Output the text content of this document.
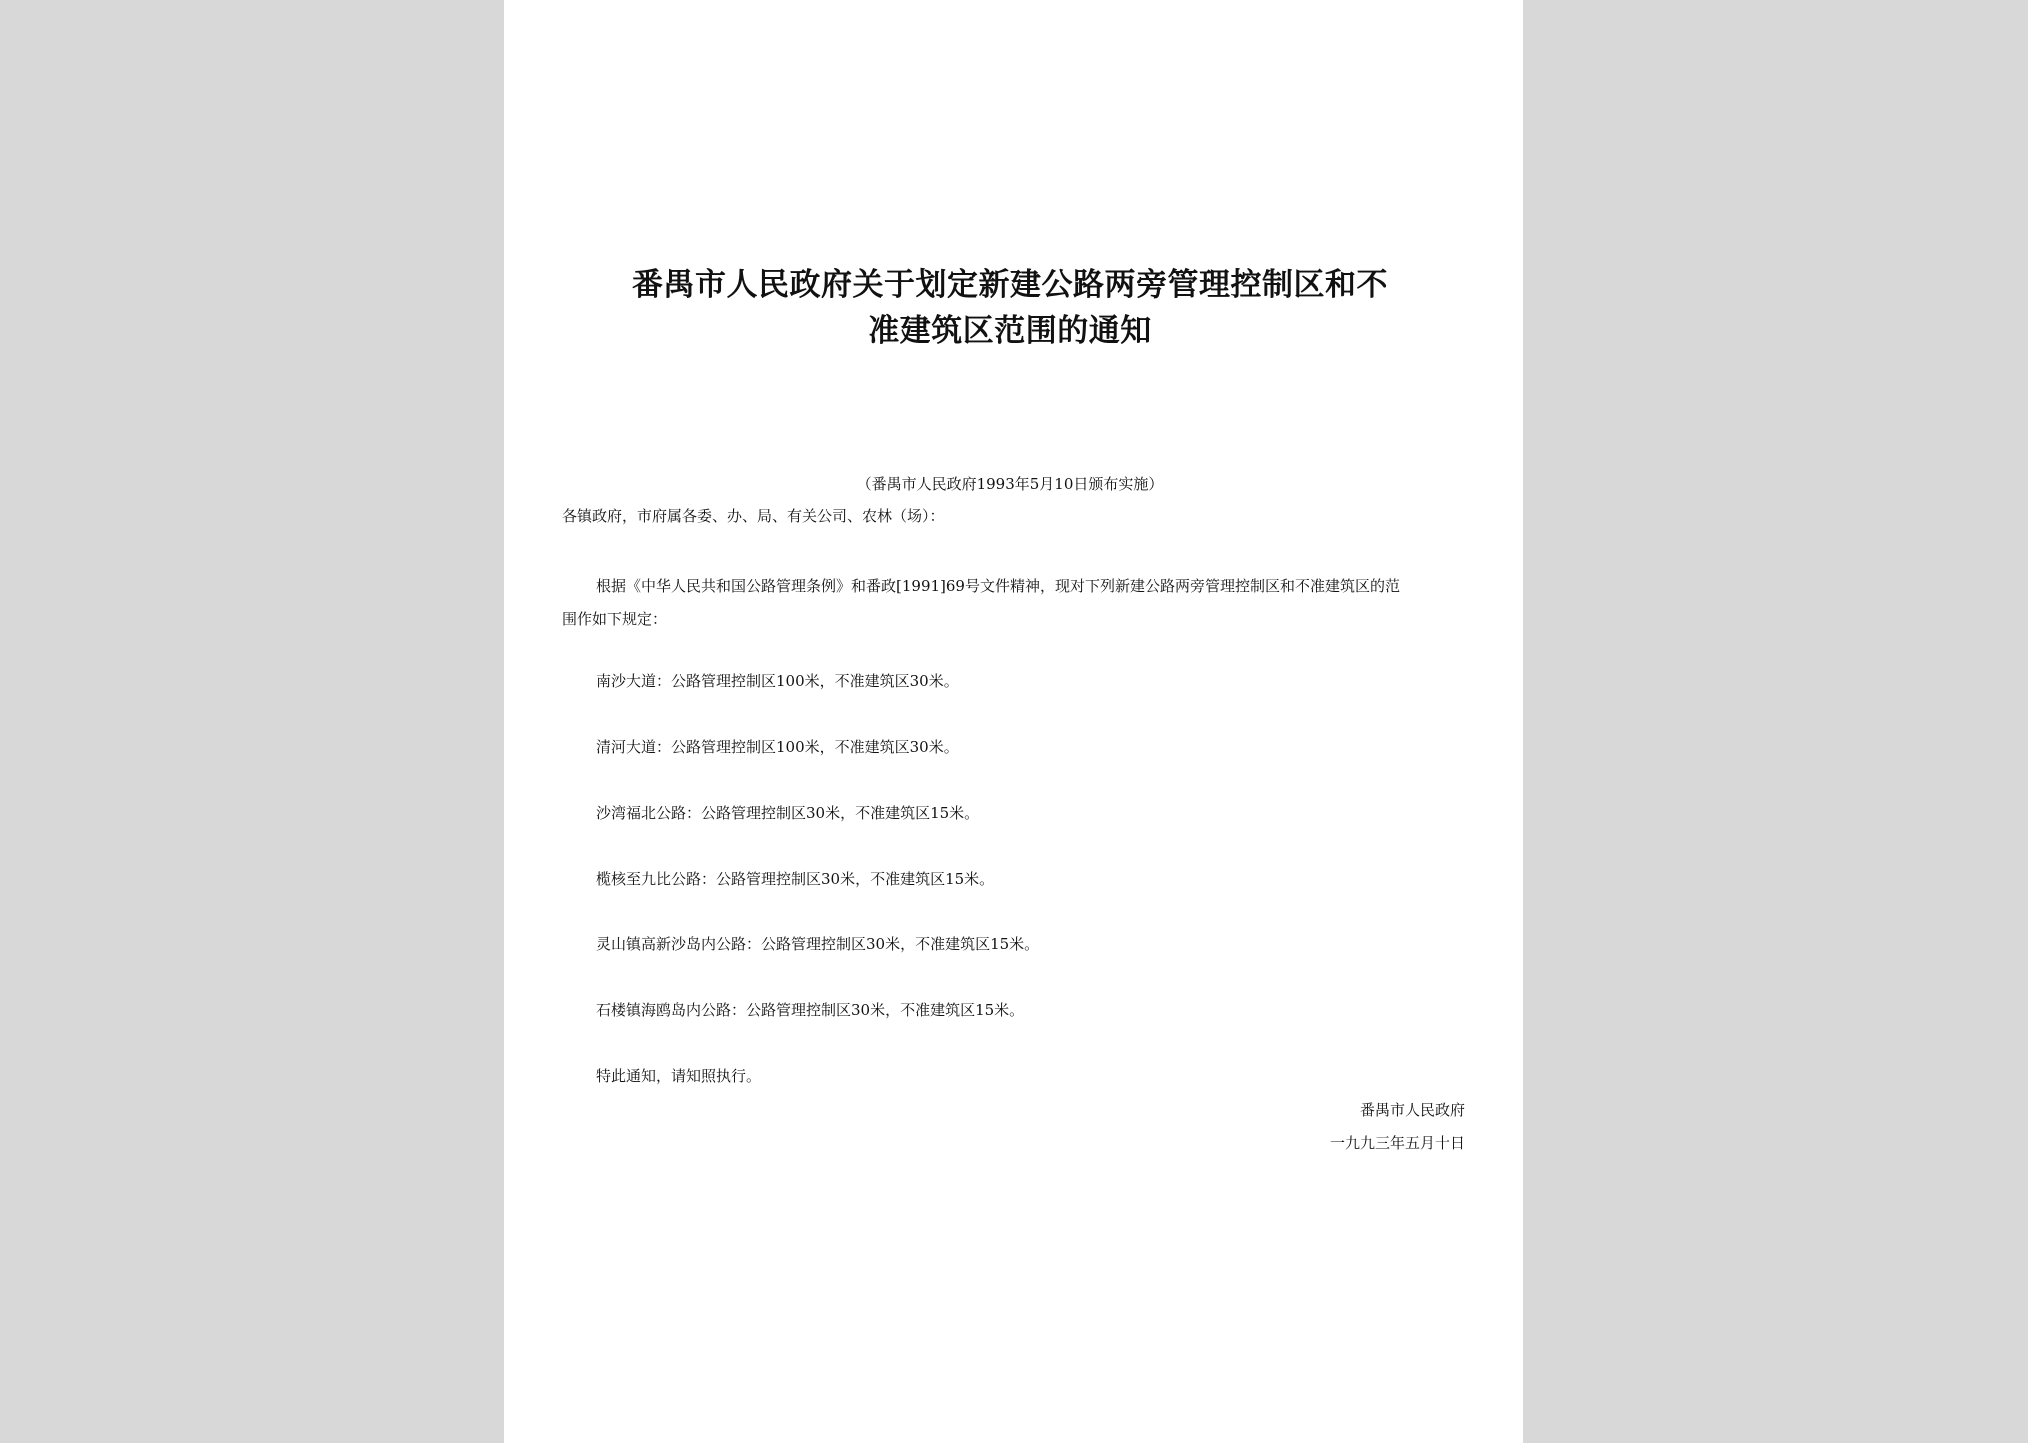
番禺市人民政府关于划定新建公路两旁管理控制区和不
准建筑区范围的通知
（番禺市人民政府1993年5月10日颁布实施）
各镇政府，市府属各委、办、局、有关公司、农林（场）：
根据《中华人民共和国公路管理条例》和番政[1991]69号文件精神，现对下列新建公路两旁管理控制区和不准建筑区的范
围作如下规定：
南沙大道：公路管理控制区100米，不准建筑区30米。
清河大道：公路管理控制区100米，不准建筑区30米。
沙湾福北公路：公路管理控制区30米，不准建筑区15米。
榄核至九比公路：公路管理控制区30米，不准建筑区15米。
灵山镇高新沙岛内公路：公路管理控制区30米，不准建筑区15米。
石楼镇海鸥岛内公路：公路管理控制区30米，不准建筑区15米。
特此通知，请知照执行。
番禺市人民政府
一九九三年五月十日
